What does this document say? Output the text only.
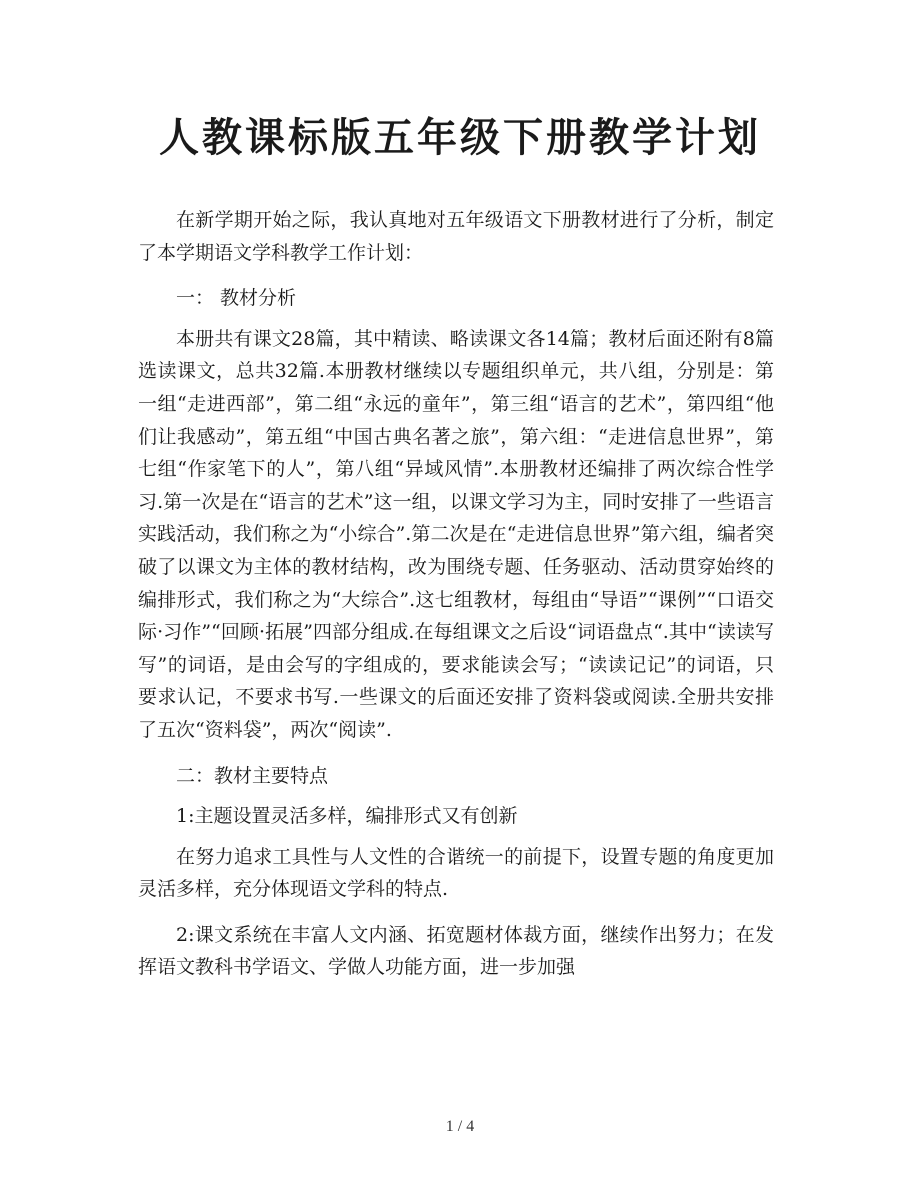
人教课标版五年级下册教学计划

在新学期开始之际，我认真地对五年级语文下册教材进行了分析，制定了本学期语文学科教学工作计划：

一： 教材分析

本册共有课文28篇，其中精读、略读课文各14篇；教材后面还附有8篇选读课文，总共32篇.本册教材继续以专题组织单元，共八组，分别是：第一组“走进西部”，第二组“永远的童年”，第三组“语言的艺术”，第四组“他们让我感动”，第五组“中国古典名著之旅”，第六组：“走进信息世界”，第七组“作家笔下的人”，第八组“异域风情”.本册教材还编排了两次综合性学习.第一次是在“语言的艺术”这一组，以课文学习为主，同时安排了一些语言实践活动，我们称之为“小综合”.第二次是在“走进信息世界”第六组，编者突破了以课文为主体的教材结构，改为围绕专题、任务驱动、活动贯穿始终的编排形式，我们称之为“大综合”.这七组教材，每组由“导语”“课例”“口语交际·习作”“回顾·拓展”四部分组成.在每组课文之后设“词语盘点“.其中“读读写写”的词语，是由会写的字组成的，要求能读会写；“读读记记”的词语，只要求认记，不要求书写.一些课文的后面还安排了资料袋或阅读.全册共安排了五次“资料袋”，两次“阅读”.

二：教材主要特点

1:主题设置灵活多样，编排形式又有创新

在努力追求工具性与人文性的合谐统一的前提下，设置专题的角度更加灵活多样，充分体现语文学科的特点.

2:课文系统在丰富人文内涵、拓宽题材体裁方面，继续作出努力；在发挥语文教科书学语文、学做人功能方面，进一步加强

1 / 4
